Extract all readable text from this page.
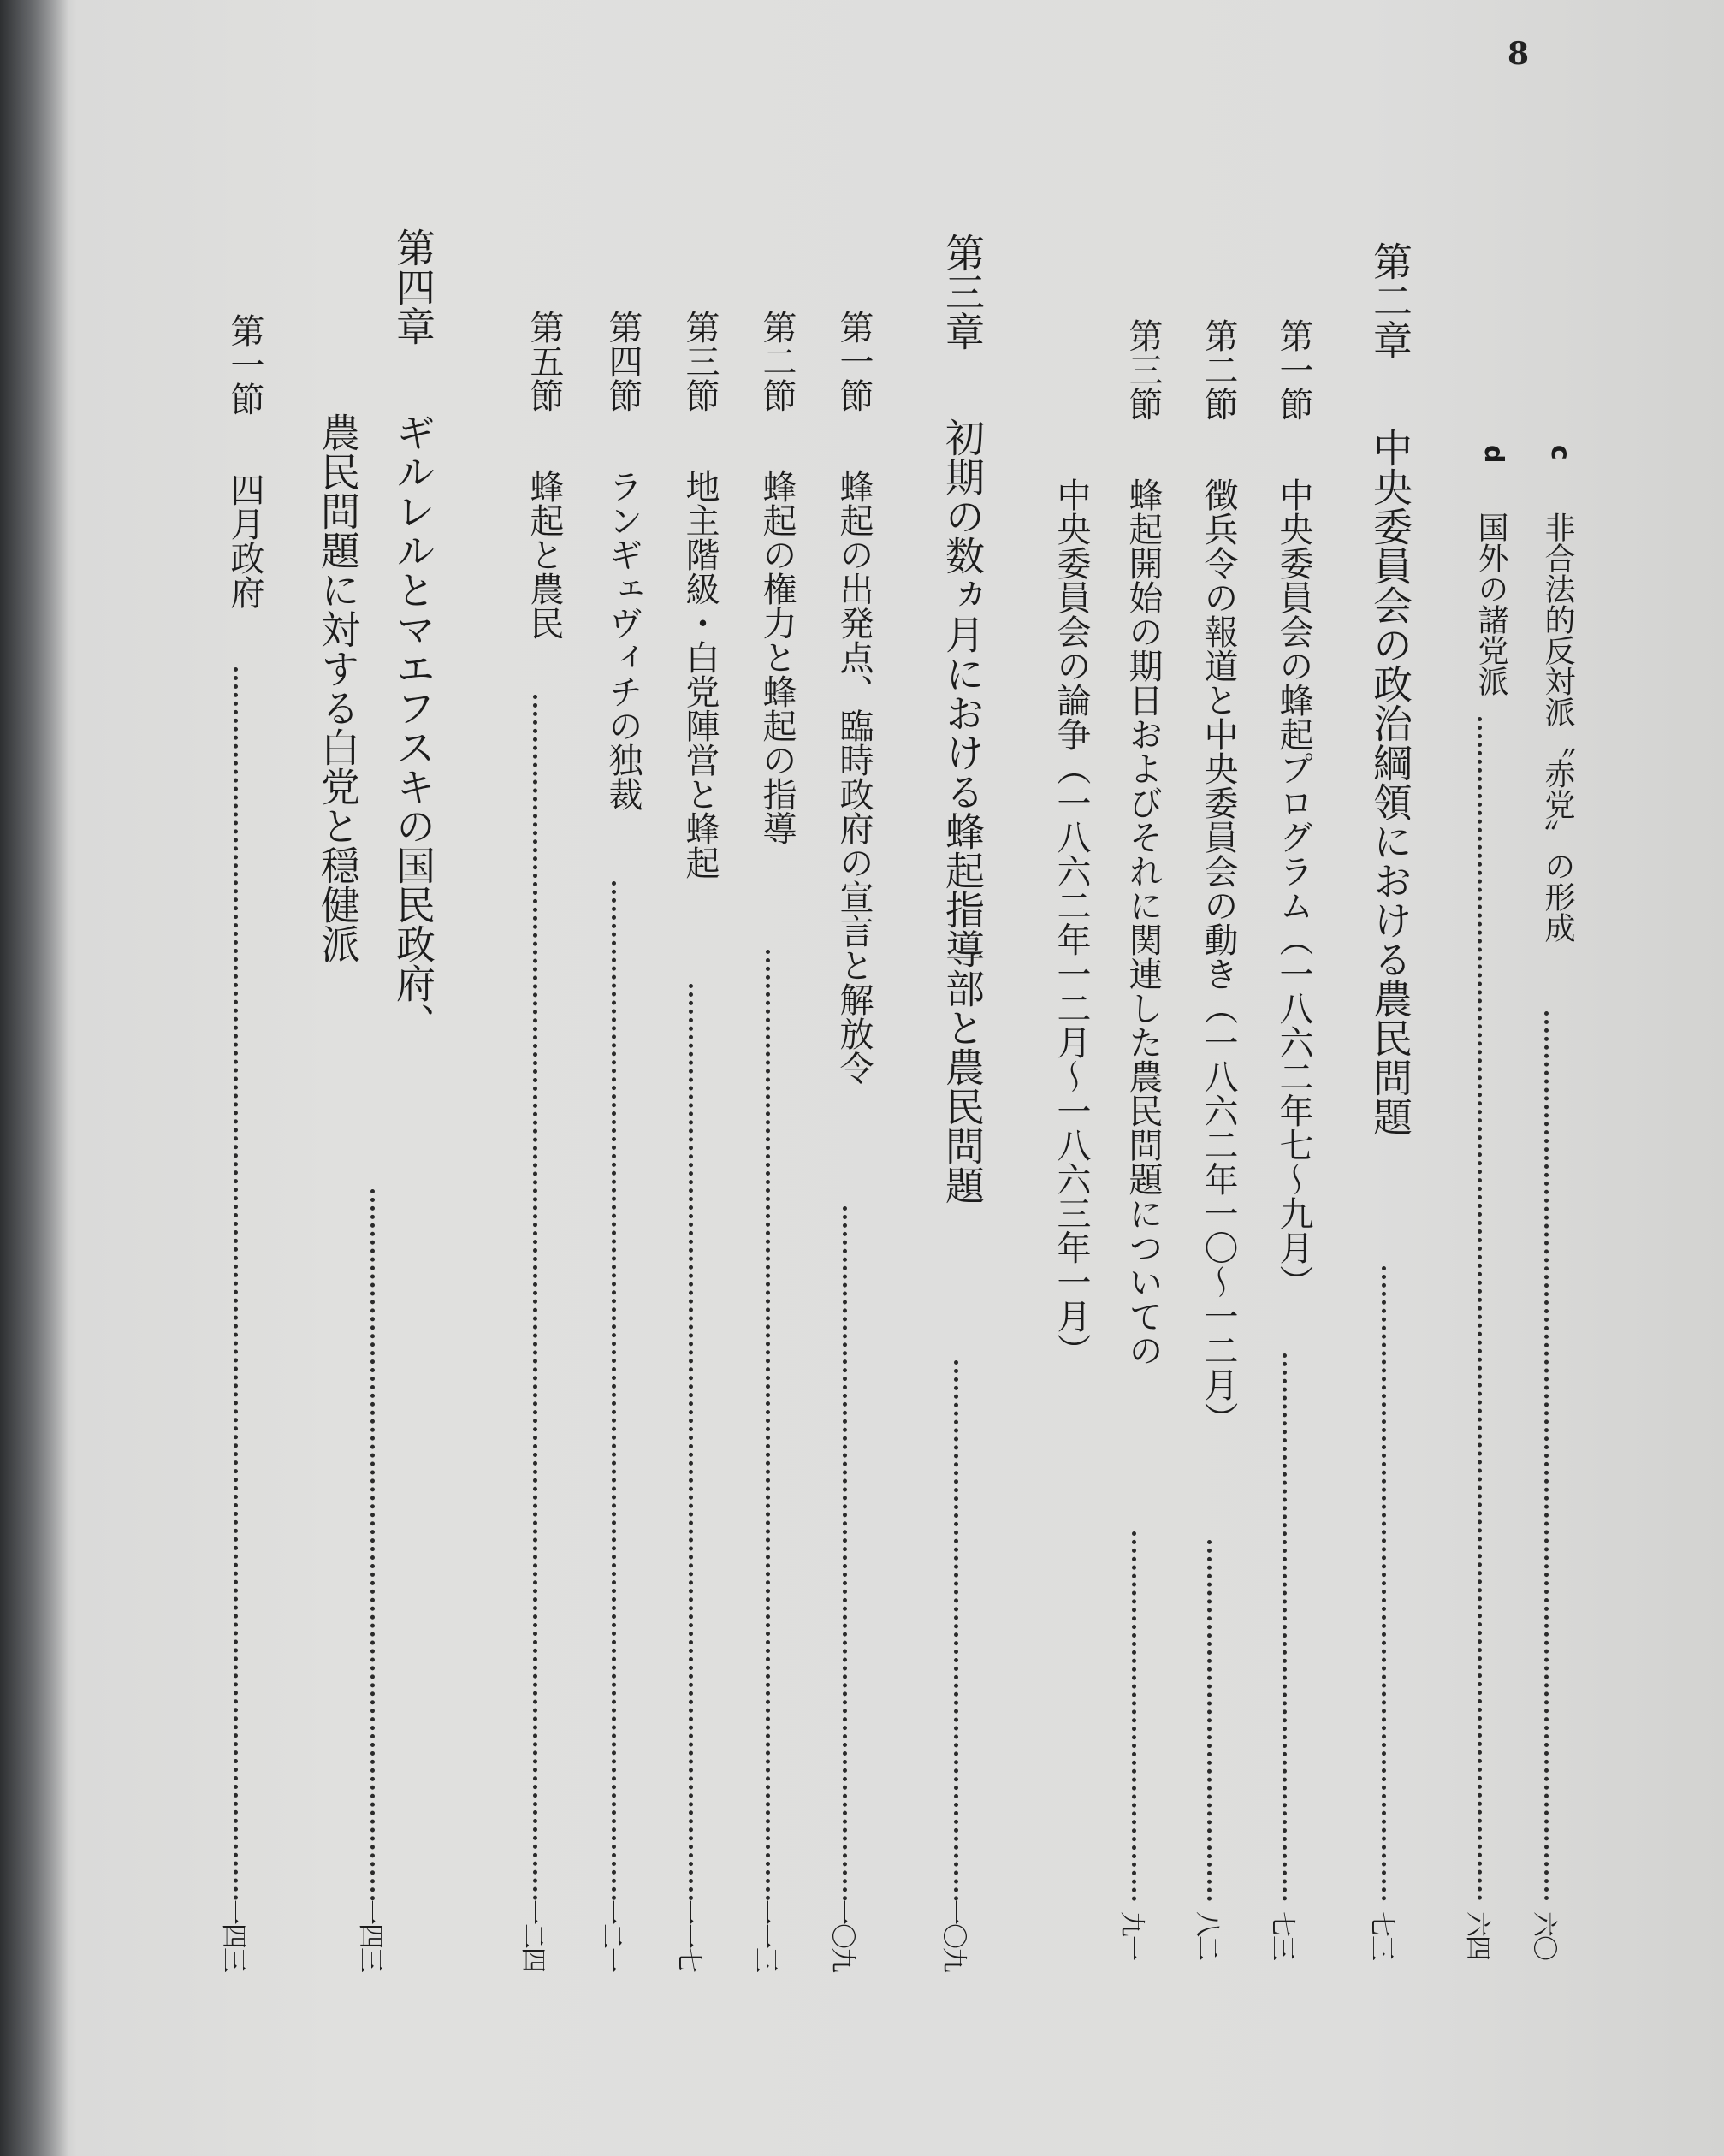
8
c
非合法的反対派〝赤党〟の形成
六〇
d
国外の諸党派
六四
第二章
中央委員会の政治綱領における農民問題
七三
第一節
中央委員会の蜂起プログラム（一八六二年七〜九月）
七三
第二節
徴兵令の報道と中央委員会の動き（一八六二年一〇〜一二月）
八二
第三節
蜂起開始の期日およびそれに関連した農民問題についての
九一
中央委員会の論争（一八六二年一二月〜一八六三年一月）
第三章
初期の数ヵ月における蜂起指導部と農民問題
一〇九
第一節
蜂起の出発点、臨時政府の宣言と解放令
一〇九
第二節
蜂起の権力と蜂起の指導
一一三
第三節
地主階級・白党陣営と蜂起
一一七
第四節
ランギェヴィチの独裁
一二一
第五節
蜂起と農民
一二四
第四章
ギルレルとマエフスキの国民政府、
農民問題に対する白党と穏健派
一四三
第一節
四月政府
一四三
